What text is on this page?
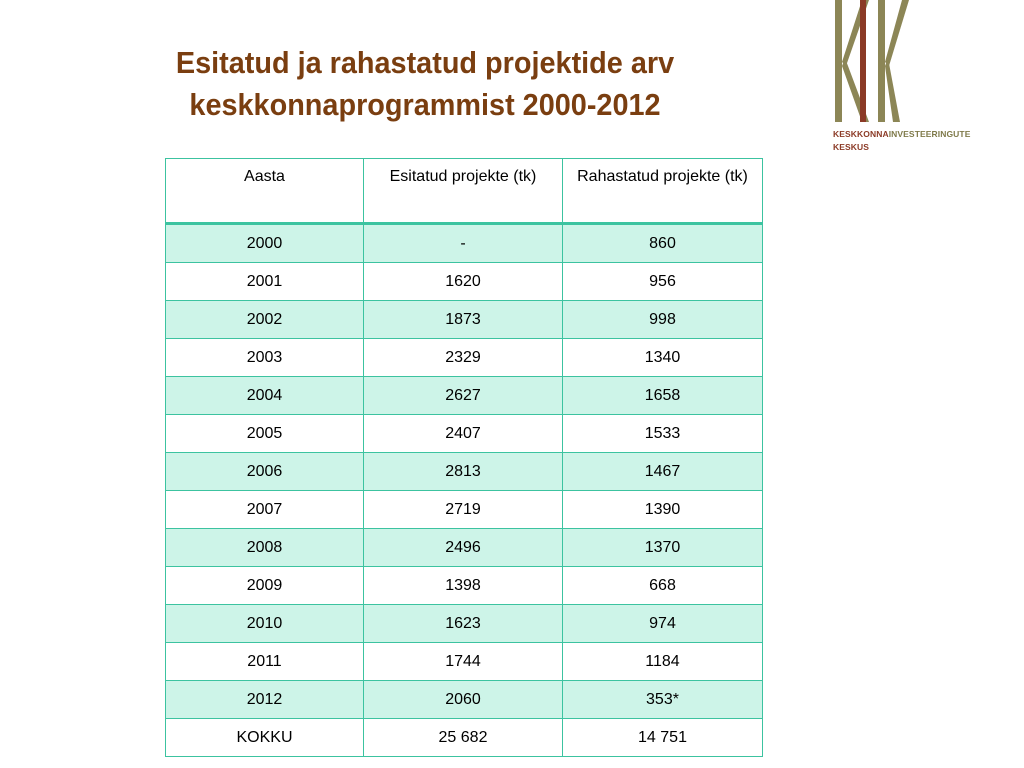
Esitatud ja rahastatud projektide arv
keskkonnaprogrammist 2000-2012
KESKKONNAINVESTEERINGUTE
KESKUS
Aasta	Esitatud projekte (tk)	Rahastatud projekte (tk)
2000	-	860
2001	1620	956
2002	1873	998
2003	2329	1340
2004	2627	1658
2005	2407	1533
2006	2813	1467
2007	2719	1390
2008	2496	1370
2009	1398	668
2010	1623	974
2011	1744	1184
2012	2060	353*
KOKKU	25 682	14 751
